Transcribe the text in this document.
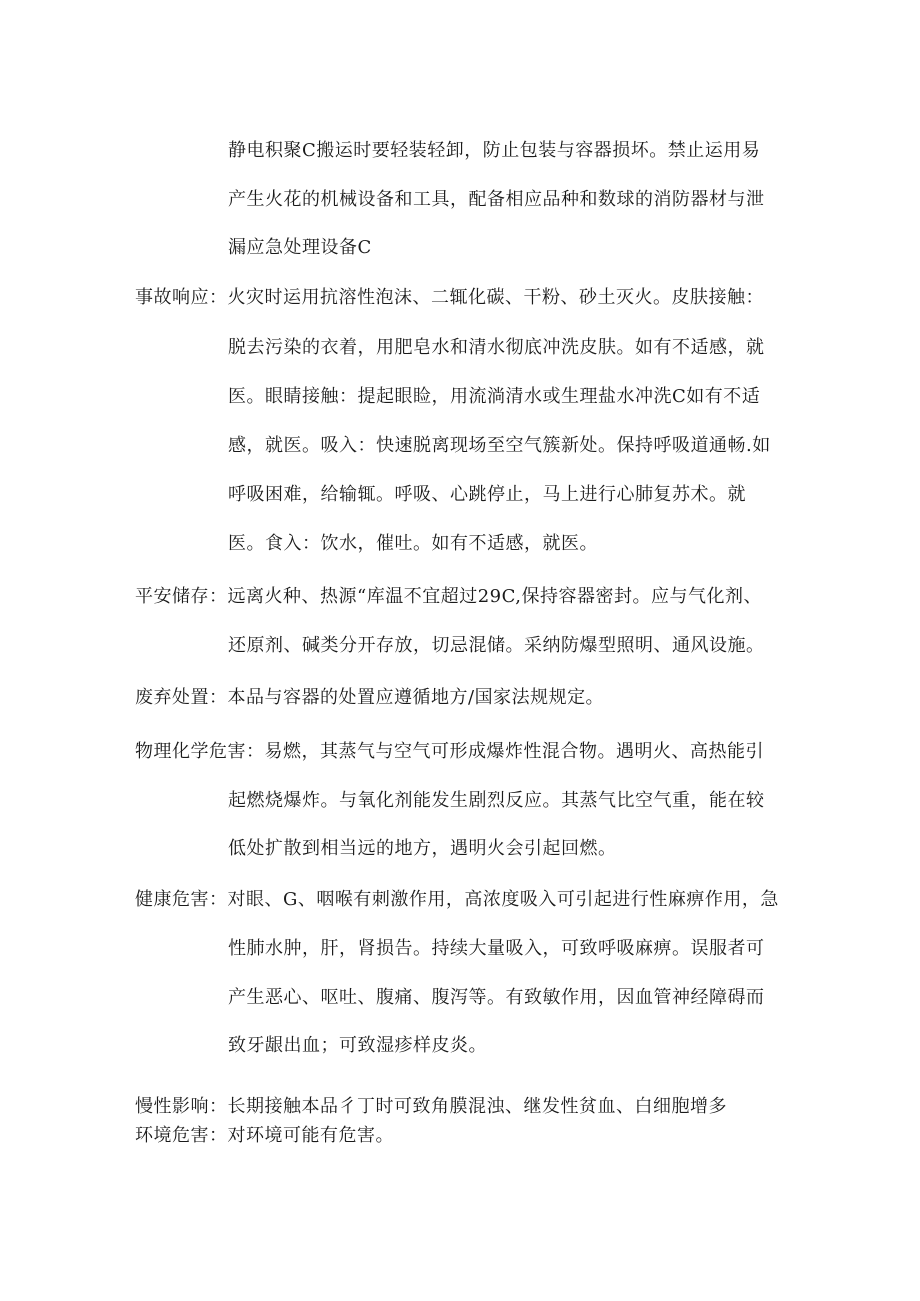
静电积聚C搬运时要轻装轻卸，防止包装与容器损坏。禁止运用易
产生火花的机械设备和工具，配备相应品种和数球的消防器材与泄
漏应急处理设备C
事故响应：火灾时运用抗溶性泡沫、二辄化碳、干粉、砂土灭火。皮肤接触：
脱去污染的衣着，用肥皂水和清水彻底冲洗皮肤。如有不适感，就
医。眼睛接触：提起眼睑，用流淌清水或生理盐水冲洗C如有不适
感，就医。吸入：快速脱离现场至空气簇新处。保持呼吸道通畅.如
呼吸困难，给输辄。呼吸、心跳停止，马上进行心肺复苏术。就
医。食入：饮水，催吐。如有不适感，就医。
平安储存：远离火种、热源“库温不宜超过29C,保持容器密封。应与气化剂、
还原剂、碱类分开存放，切忌混储。采纳防爆型照明、通风设施。
废弃处置：本品与容器的处置应遵循地方/国家法规规定。
物理化学危害：易燃，其蒸气与空气可形成爆炸性混合物。遇明火、高热能引
起燃烧爆炸。与氧化剂能发生剧烈反应。其蒸气比空气重，能在较
低处扩散到相当远的地方，遇明火会引起回燃。
健康危害：对眼、G、咽喉有刺激作用，高浓度吸入可引起进行性麻痹作用，急
性肺水肿，肝，肾损告。持续大量吸入，可致呼吸麻痹。误服者可
产生恶心、呕吐、腹痛、腹泻等。有致敏作用，因血管神经障碍而
致牙龈出血；可致湿疹样皮炎。
慢性影响：长期接触本品彳丁时可致角膜混浊、继发性贫血、白细胞增多
环境危害：对环境可能有危害。
